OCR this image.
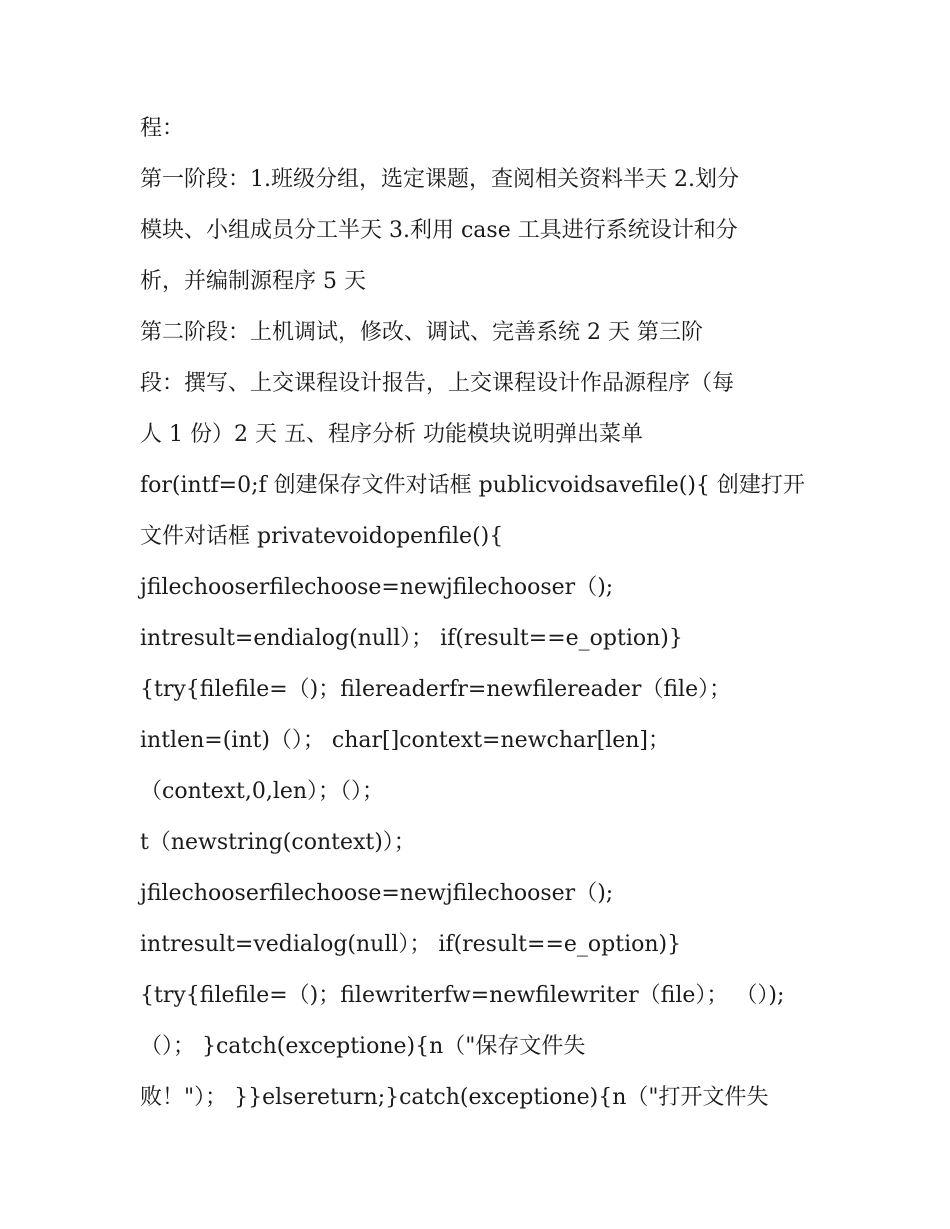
程：
第一阶段：1.班级分组，选定课题，查阅相关资料半天 2.划分
模块、小组成员分工半天 3.利用 case 工具进行系统设计和分
析，并编制源程序 5 天
第二阶段：上机调试，修改、调试、完善系统 2 天 第三阶
段：撰写、上交课程设计报告，上交课程设计作品源程序（每
人 1 份）2 天 五、程序分析 功能模块说明弹出菜单
for(intf=0;f 创建保存文件对话框 publicvoidsavefile(){ 创建打开
文件对话框 privatevoidopenfile(){
jfilechooserfilechoose=newjfilechooser（);
intresult=endialog(null）； if(result==e_option)}
{try{filefile=（)；filereaderfr=newfilereader（file）；
intlen=(int)（）； char[]context=newchar[len]；
（context,0,len）；（）；
t（newstring(context)）；
jfilechooserfilechoose=newjfilechooser（);
intresult=vedialog(null）； if(result==e_option)}
{try{filefile=（)；filewriterfw=newfilewriter（file）； （）);
（）； }catch(exceptione){n（"保存文件失
败！"）； }}elsereturn;}catch(exceptione){n（"打开文件失
